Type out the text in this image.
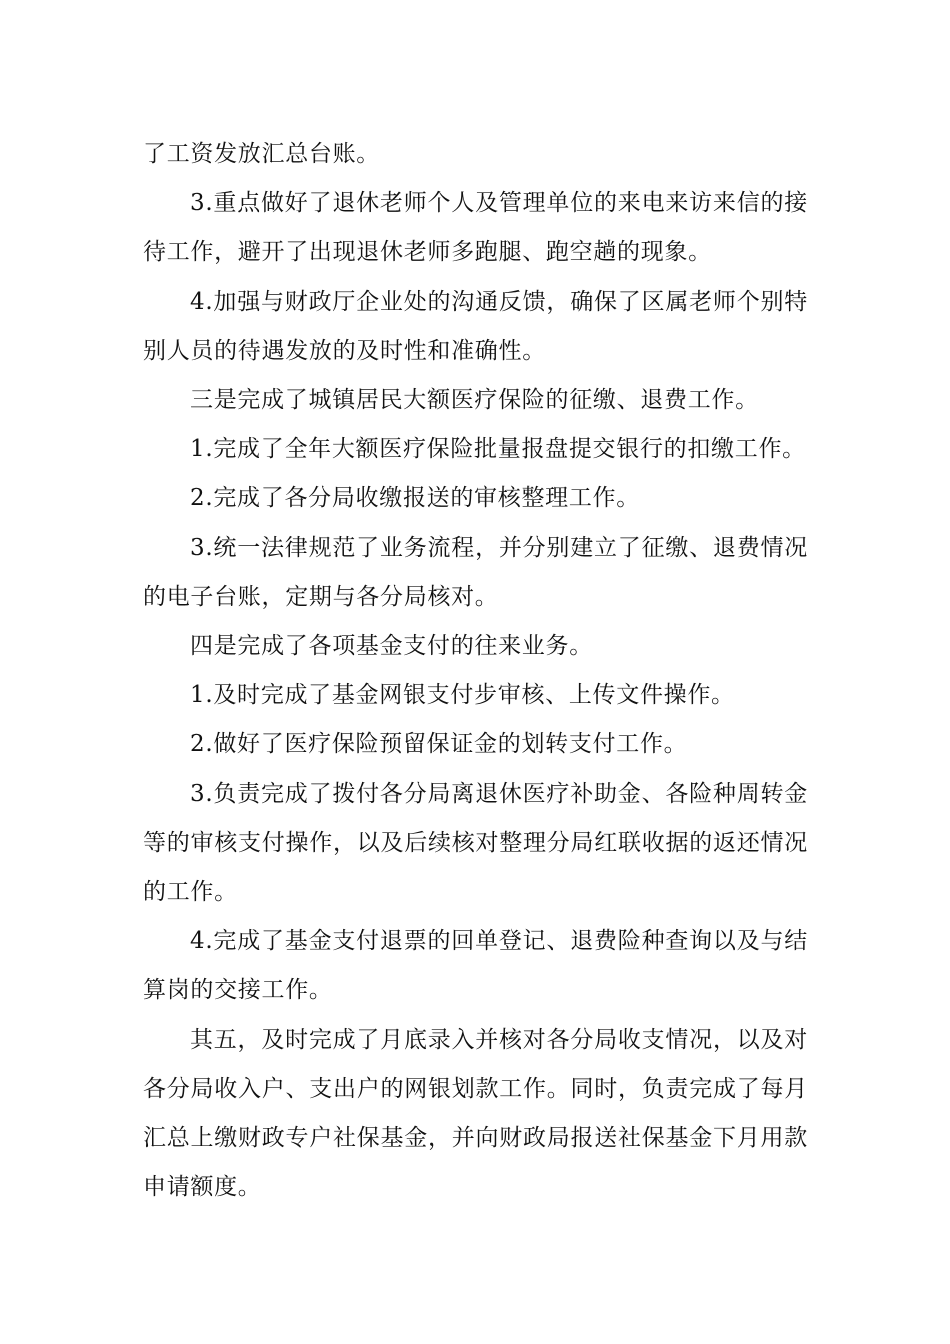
了工资发放汇总台账。

3.重点做好了退休老师个人及管理单位的来电来访来信的接待工作，避开了出现退休老师多跑腿、跑空趟的现象。

4.加强与财政厅企业处的沟通反馈，确保了区属老师个别特别人员的待遇发放的及时性和准确性。

三是完成了城镇居民大额医疗保险的征缴、退费工作。

1.完成了全年大额医疗保险批量报盘提交银行的扣缴工作。

2.完成了各分局收缴报送的审核整理工作。

3.统一法律规范了业务流程，并分别建立了征缴、退费情况的电子台账，定期与各分局核对。

四是完成了各项基金支付的往来业务。

1.及时完成了基金网银支付步审核、上传文件操作。

2.做好了医疗保险预留保证金的划转支付工作。

3.负责完成了拨付各分局离退休医疗补助金、各险种周转金等的审核支付操作，以及后续核对整理分局红联收据的返还情况的工作。

4.完成了基金支付退票的回单登记、退费险种查询以及与结算岗的交接工作。

其五，及时完成了月底录入并核对各分局收支情况，以及对各分局收入户、支出户的网银划款工作。同时，负责完成了每月汇总上缴财政专户社保基金，并向财政局报送社保基金下月用款申请额度。
